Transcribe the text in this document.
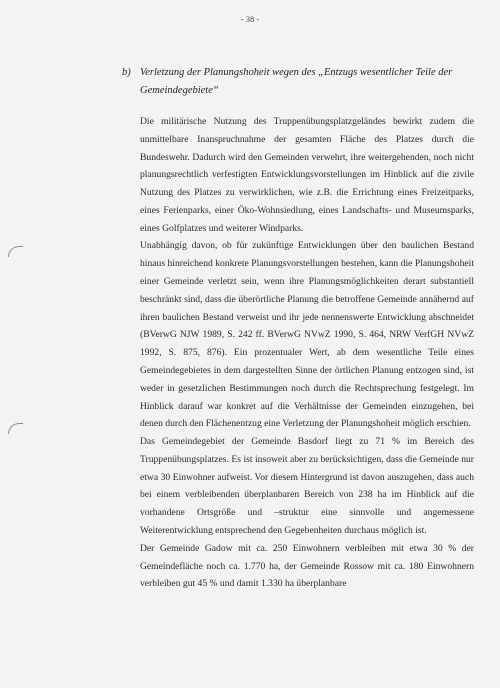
- 38 -
b) Verletzung der Planungshoheit wegen des „Entzugs wesentlicher Teile der Gemeindegebiete“

Die militärische Nutzung des Truppenübungsplatzgeländes bewirkt zudem die unmittelbare Inanspruchnahme der gesamten Fläche des Platzes durch die Bundeswehr. Dadurch wird den Gemeinden verwehrt, ihre weitergehenden, noch nicht planungsrechtlich verfestigten Entwicklungsvorstellungen im Hinblick auf die zivile Nutzung des Platzes zu verwirklichen, wie z.B. die Errichtung eines Freizeitparks, eines Ferienparks, einer Öko-Wohnsiedlung, eines Landschafts- und Museumsparks, eines Golfplatzes und weiterer Windparks.

Unabhängig davon, ob für zukünftige Entwicklungen über den baulichen Bestand hinaus hinreichend konkrete Planungsvorstellungen bestehen, kann die Planungshoheit einer Gemeinde verletzt sein, wenn ihre Planungsmöglichkeiten derart substantiell beschränkt sind, dass die überörtliche Planung die betroffene Gemeinde annähernd auf ihren baulichen Bestand verweist und ihr jede nennenswerte Entwicklung abschneidet (BVerwG NJW 1989, S. 242 ff. BVerwG NVwZ 1990, S. 464, NRW VerfGH NVwZ 1992, S. 875, 876). Ein prozentualer Wert, ab dem wesentliche Teile eines Gemeindegebietes in dem dargestellten Sinne der örtlichen Planung entzogen sind, ist weder in gesetzlichen Bestimmungen noch durch die Rechtsprechung festgelegt. Im Hinblick darauf war konkret auf die Verhältnisse der Gemeinden einzugehen, bei denen durch den Flächenentzug eine Verletzung der Planungshoheit möglich erschien.

Das Gemeindegebiet der Gemeinde Basdorf liegt zu 71 % im Bereich des Truppenübungsplatzes. Es ist insoweit aber zu berücksichtigen, dass die Gemeinde nur etwa 30 Einwohner aufweist. Vor diesem Hintergrund ist davon auszugehen, dass auch bei einem verbleibenden überplanbaren Bereich von 238 ha im Hinblick auf die vorhandene Ortsgröße und –struktur eine sinnvolle und angemessene Weiterentwicklung entsprechend den Gegebenheiten durchaus möglich ist.

Der Gemeinde Gadow mit ca. 250 Einwohnern verbleiben mit etwa 30 % der Gemeindefläche noch ca. 1.770 ha, der Gemeinde Rossow mit ca. 180 Einwohnern verbleiben gut 45 % und damit 1.330 ha überplanbare
